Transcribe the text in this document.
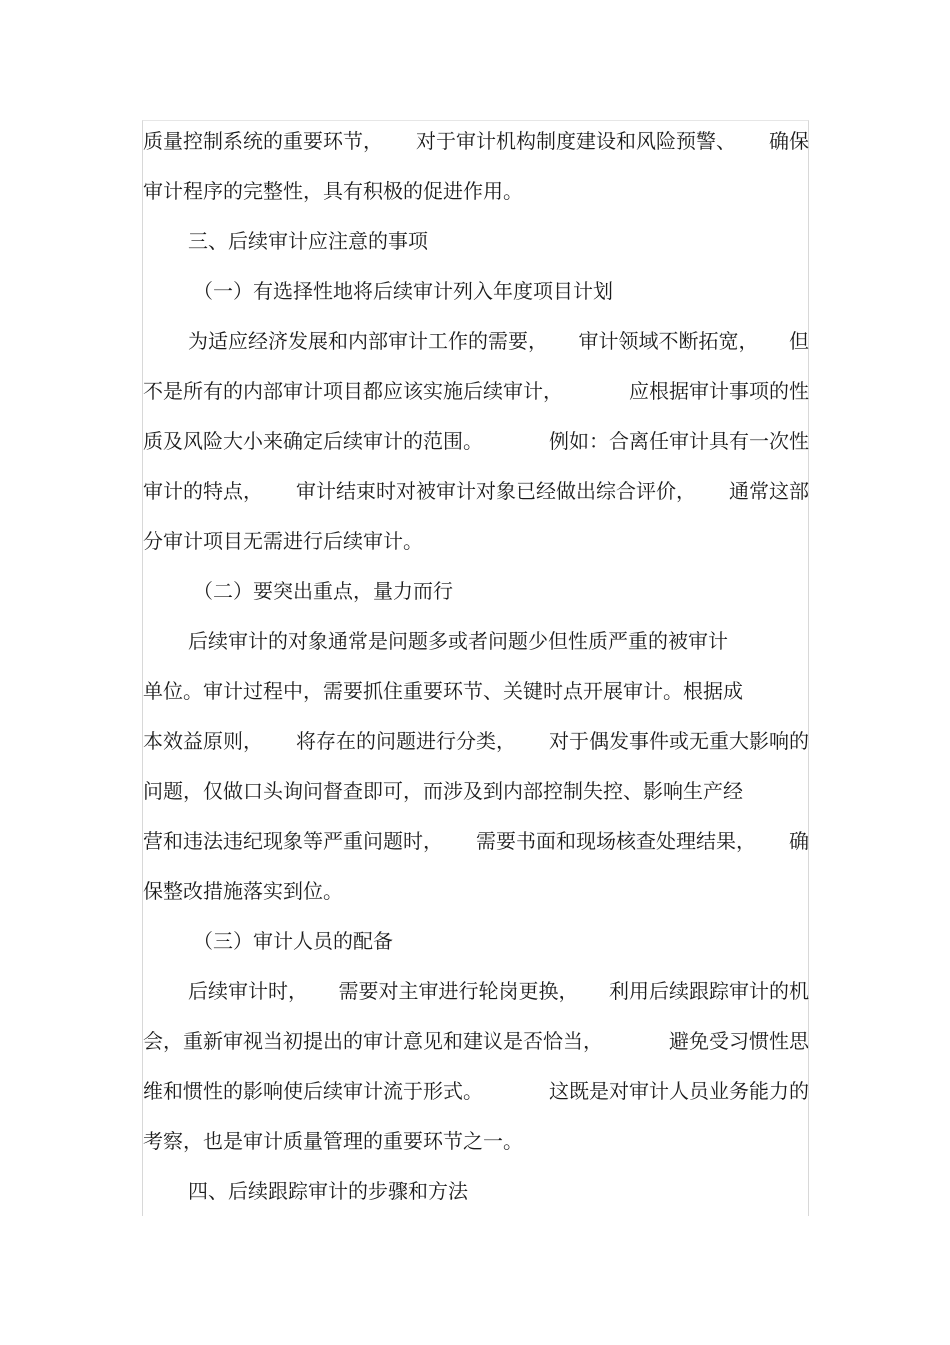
质量控制系统的重要环节， 对于审计机构制度建设和风险预警、 确保
审计程序的完整性，具有积极的促进作用。
三、后续审计应注意的事项
（一）有选择性地将后续审计列入年度项目计划
为适应经济发展和内部审计工作的需要， 审计领域不断拓宽， 但
不是所有的内部审计项目都应该实施后续审计，	应根据审计事项的性
质及风险大小来确定后续审计的范围。	例如：合离任审计具有一次性
审计的特点， 审计结束时对被审计对象已经做出综合评价， 通常这部
分审计项目无需进行后续审计。
（二）要突出重点，量力而行
后续审计的对象通常是问题多或者问题少但性质严重的被审计
单位。审计过程中，需要抓住重要环节、关键时点开展审计。根据成
本效益原则， 将存在的问题进行分类， 对于偶发事件或无重大影响的
问题，仅做口头询问督查即可，而涉及到内部控制失控、影响生产经
营和违法违纪现象等严重问题时， 需要书面和现场核查处理结果， 确
保整改措施落实到位。
（三）审计人员的配备
后续审计时， 需要对主审进行轮岗更换， 利用后续跟踪审计的机
会，重新审视当初提出的审计意见和建议是否恰当，	避免受习惯性思
维和惯性的影响使后续审计流于形式。	这既是对审计人员业务能力的
考察，也是审计质量管理的重要环节之一。
四、后续跟踪审计的步骤和方法
